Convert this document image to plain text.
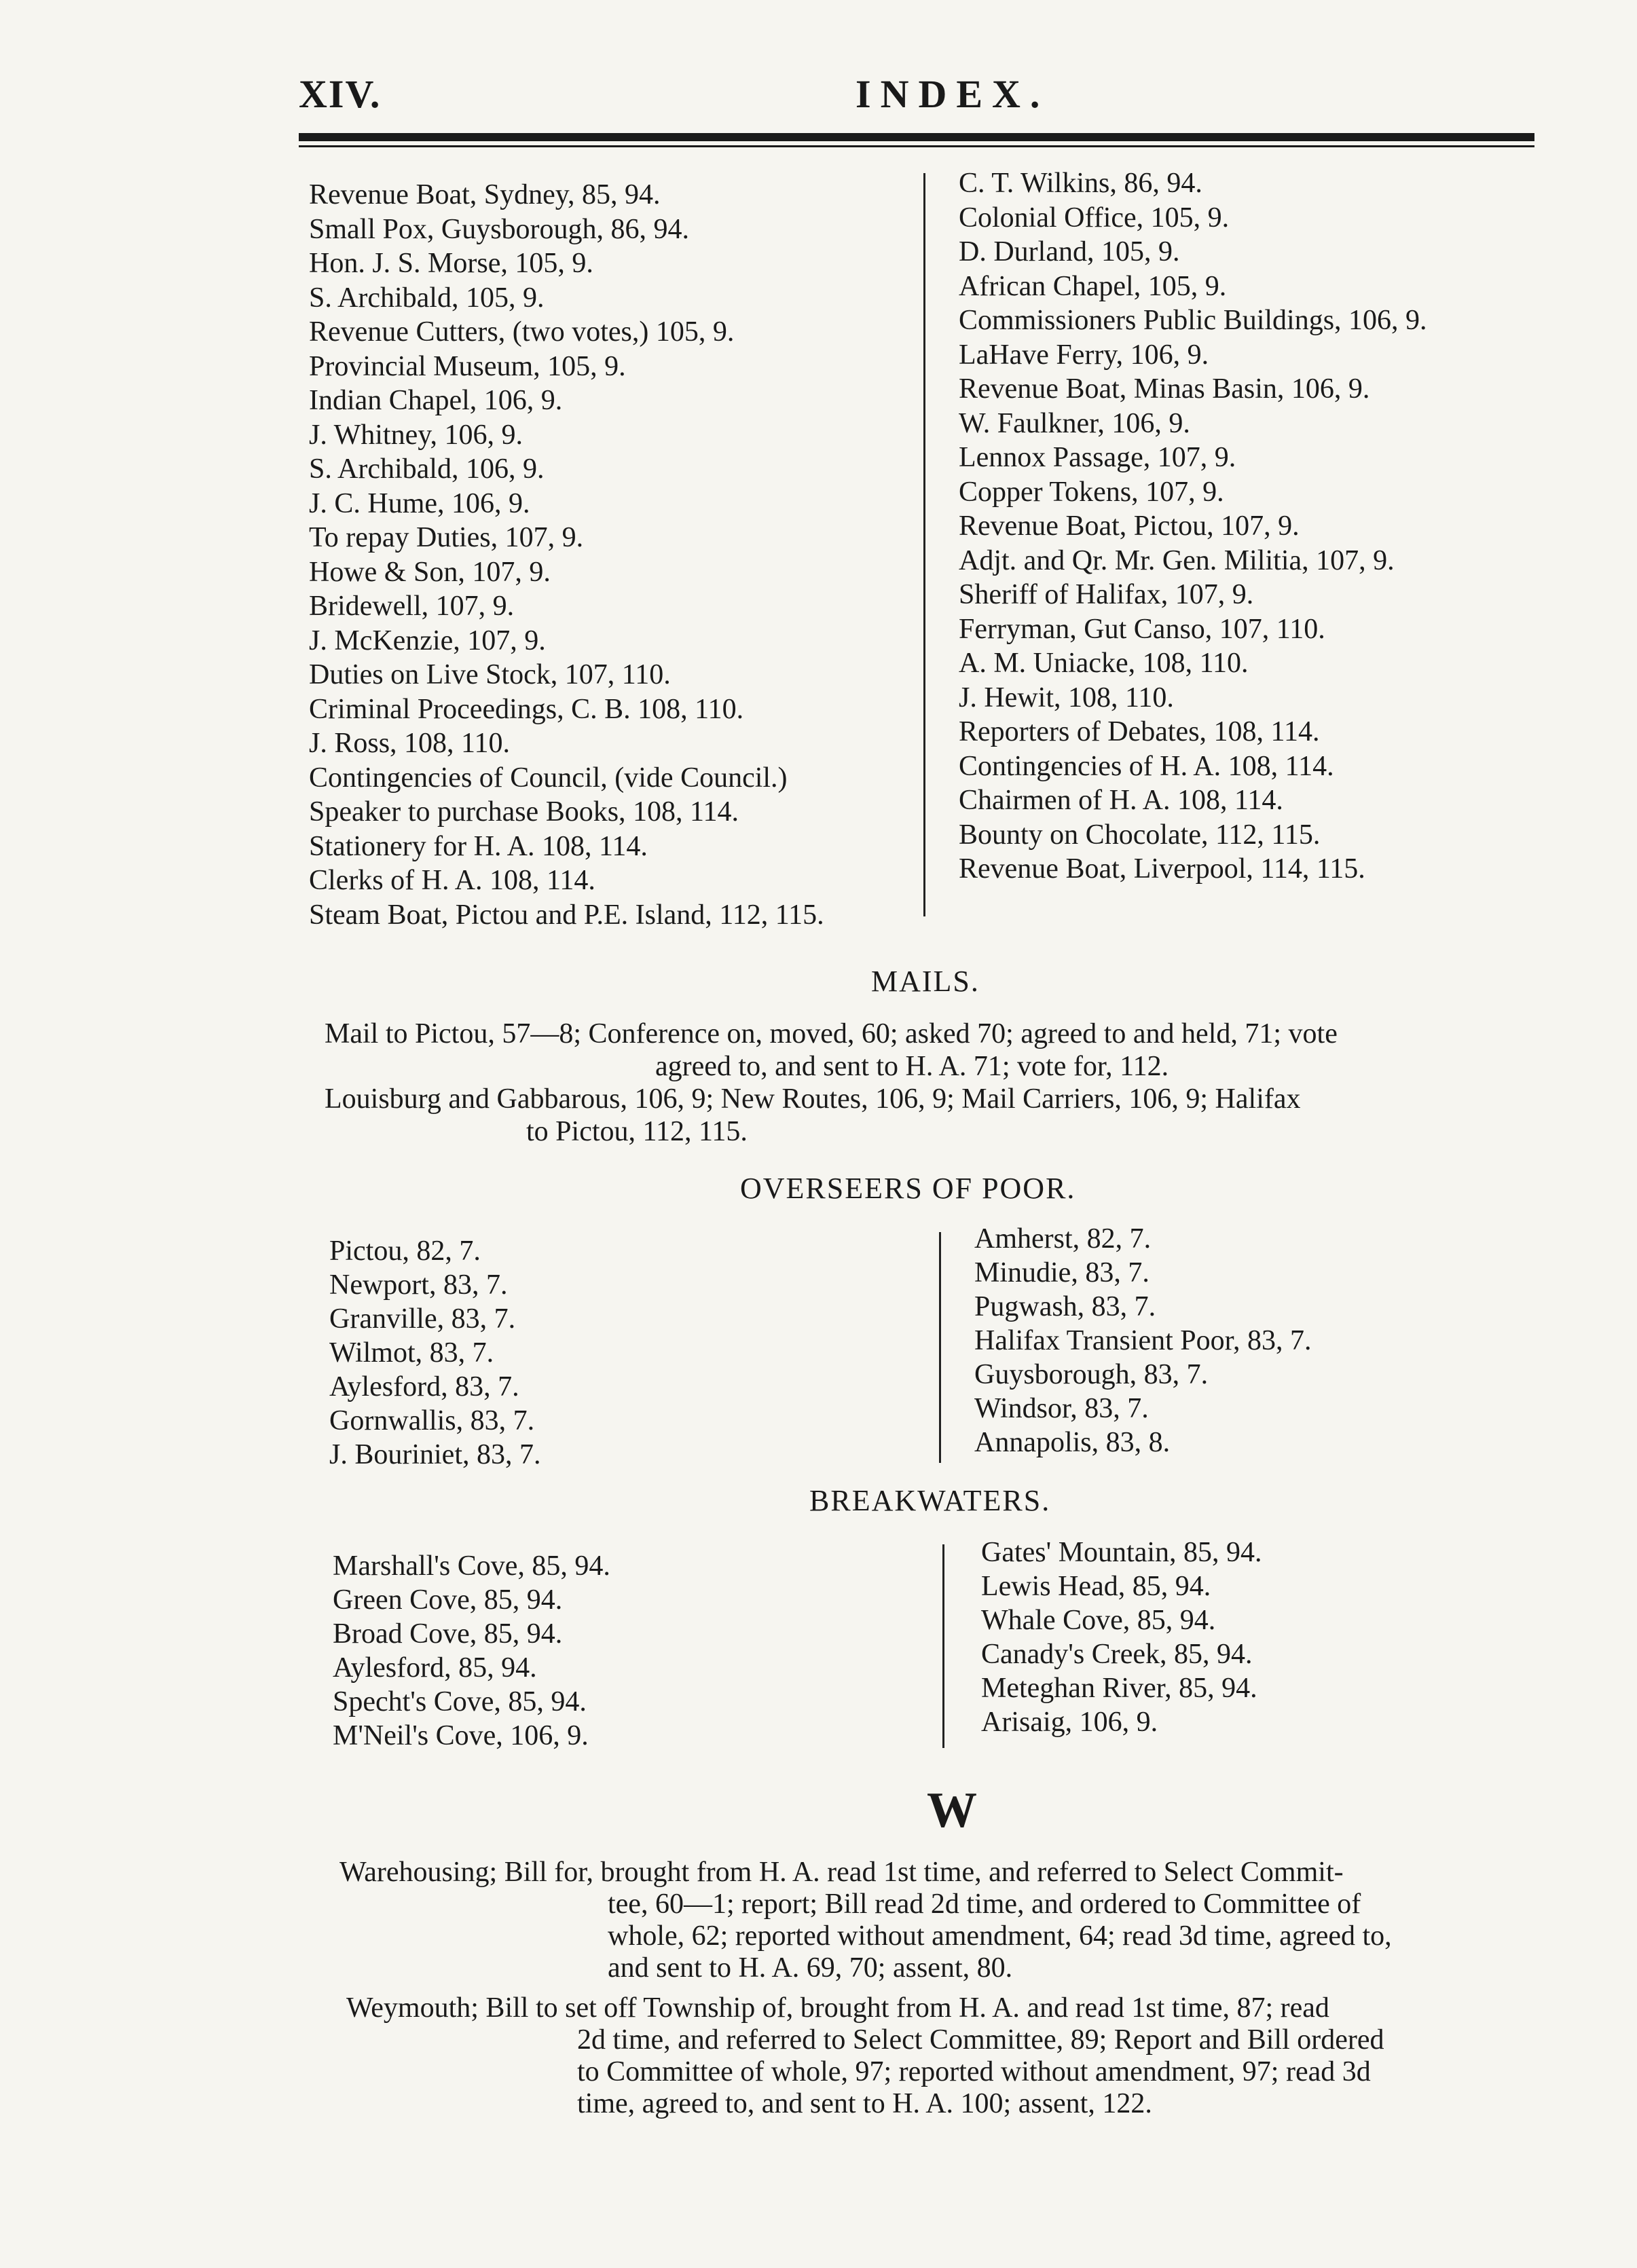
XIV.	INDEX.
Revenue Boat, Sydney, 85, 94.
Small Pox, Guysborough, 86, 94.
Hon. J. S. Morse, 105, 9.
S. Archibald, 105, 9.
Revenue Cutters, (two votes,) 105, 9.
Provincial Museum, 105, 9.
Indian Chapel, 106, 9.
J. Whitney, 106, 9.
S. Archibald, 106, 9.
J. C. Hume, 106, 9.
To repay Duties, 107, 9.
Howe & Son, 107, 9.
Bridewell, 107, 9.
J. McKenzie, 107, 9.
Duties on Live Stock, 107, 110.
Criminal Proceedings, C. B. 108, 110.
J. Ross, 108, 110.
Contingencies of Council, (vide Council.)
Speaker to purchase Books, 108, 114.
Stationery for H. A. 108, 114.
Clerks of H. A. 108, 114.
Steam Boat, Pictou and P.E. Island, 112, 115.
C. T. Wilkins, 86, 94.
Colonial Office, 105, 9.
D. Durland, 105, 9.
African Chapel, 105, 9.
Commissioners Public Buildings, 106, 9.
LaHave Ferry, 106, 9.
Revenue Boat, Minas Basin, 106, 9.
W. Faulkner, 106, 9.
Lennox Passage, 107, 9.
Copper Tokens, 107, 9.
Revenue Boat, Pictou, 107, 9.
Adjt. and Qr. Mr. Gen. Militia, 107, 9.
Sheriff of Halifax, 107, 9.
Ferryman, Gut Canso, 107, 110.
A. M. Uniacke, 108, 110.
J. Hewit, 108, 110.
Reporters of Debates, 108, 114.
Contingencies of H. A. 108, 114.
Chairmen of H. A. 108, 114.
Bounty on Chocolate, 112, 115.
Revenue Boat, Liverpool, 114, 115.
MAILS.
Mail to Pictou, 57—8; Conference on, moved, 60; asked 70; agreed to and held, 71; vote
agreed to, and sent to H. A. 71; vote for, 112.
Louisburg and Gabbarous, 106, 9; New Routes, 106, 9; Mail Carriers, 106, 9; Halifax
to Pictou, 112, 115.
OVERSEERS OF POOR.
Pictou, 82, 7.
Newport, 83, 7.
Granville, 83, 7.
Wilmot, 83, 7.
Aylesford, 83, 7.
Gornwallis, 83, 7.
J. Bouriniet, 83, 7.
Amherst, 82, 7.
Minudie, 83, 7.
Pugwash, 83, 7.
Halifax Transient Poor, 83, 7.
Guysborough, 83, 7.
Windsor, 83, 7.
Annapolis, 83, 8.
BREAKWATERS.
Marshall's Cove, 85, 94.
Green Cove, 85, 94.
Broad Cove, 85, 94.
Aylesford, 85, 94.
Specht's Cove, 85, 94.
M'Neil's Cove, 106, 9.
Gates' Mountain, 85, 94.
Lewis Head, 85, 94.
Whale Cove, 85, 94.
Canady's Creek, 85, 94.
Meteghan River, 85, 94.
Arisaig, 106, 9.
W
Warehousing; Bill for, brought from H. A. read 1st time, and referred to Select Commit-
tee, 60—1; report; Bill read 2d time, and ordered to Committee of
whole, 62; reported without amendment, 64; read 3d time, agreed to,
and sent to H. A. 69, 70; assent, 80.
Weymouth; Bill to set off Township of, brought from H. A. and read 1st time, 87; read
2d time, and referred to Select Committee, 89; Report and Bill ordered
to Committee of whole, 97; reported without amendment, 97; read 3d
time, agreed to, and sent to H. A. 100; assent, 122.
